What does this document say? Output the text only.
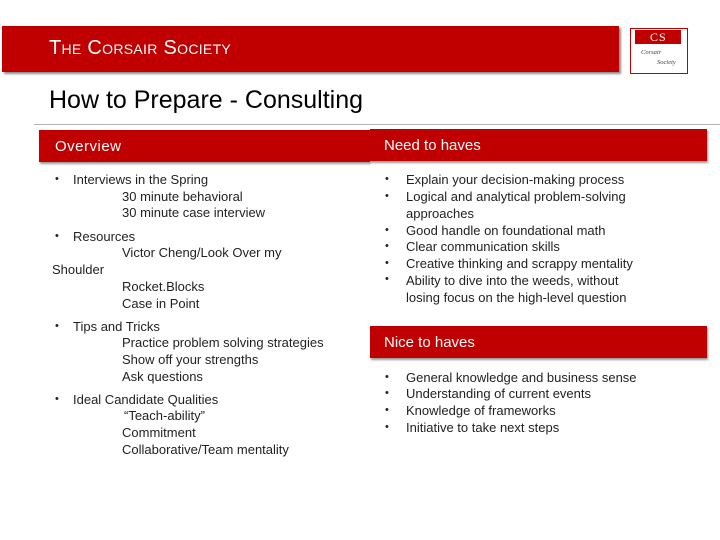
The Corsair Society	CS
Corsair
Society
How to Prepare - Consulting
Overview
• Interviews in the Spring
30 minute behavioral
30 minute case interview
• Resources
Victor Cheng/Look Over my
Shoulder
Rocket.Blocks
Case in Point
• Tips and Tricks
Practice problem solving strategies
Show off your strengths
Ask questions
• Ideal Candidate Qualities
“Teach-ability”
Commitment
Collaborative/Team mentality
Need to haves
• Explain your decision-making process
• Logical and analytical problem-solving
approaches
• Good handle on foundational math
• Clear communication skills
• Creative thinking and scrappy mentality
• Ability to dive into the weeds, without
losing focus on the high-level question
Nice to haves
• General knowledge and business sense
• Understanding of current events
• Knowledge of frameworks
• Initiative to take next steps
